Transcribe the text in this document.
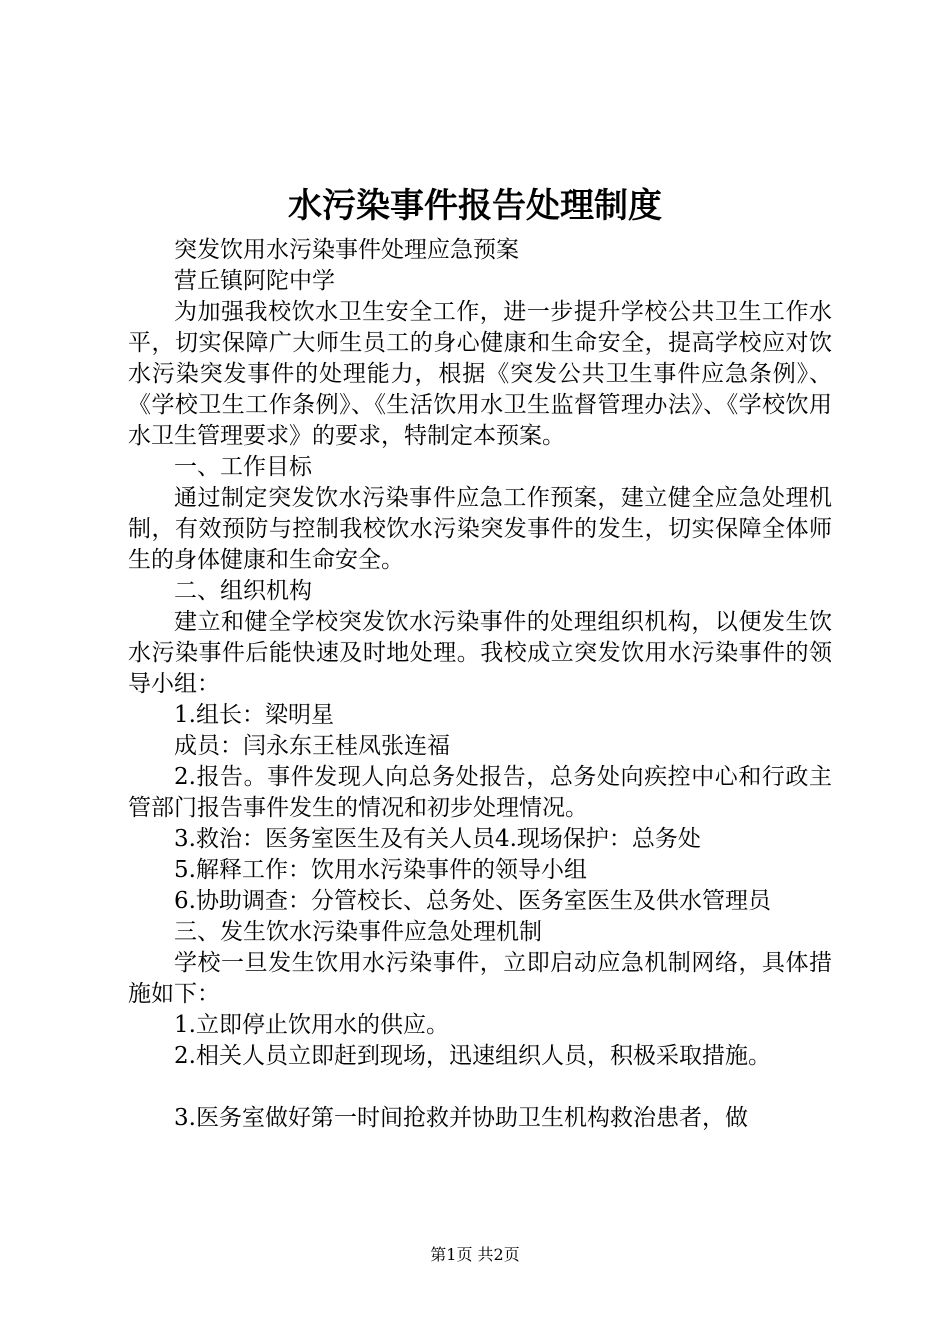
水污染事件报告处理制度

突发饮用水污染事件处理应急预案

营丘镇阿陀中学

为加强我校饮水卫生安全工作，进一步提升学校公共卫生工作水平，切实保障广大师生员工的身心健康和生命安全，提高学校应对饮水污染突发事件的处理能力，根据《突发公共卫生事件应急条例》、《学校卫生工作条例》、《生活饮用水卫生监督管理办法》、《学校饮用水卫生管理要求》的要求，特制定本预案。

一、工作目标

通过制定突发饮水污染事件应急工作预案，建立健全应急处理机制，有效预防与控制我校饮水污染突发事件的发生，切实保障全体师生的身体健康和生命安全。

二、组织机构

建立和健全学校突发饮水污染事件的处理组织机构，以便发生饮水污染事件后能快速及时地处理。我校成立突发饮用水污染事件的领导小组：

1.组长：梁明星

成员：闫永东王桂凤张连福

2.报告。事件发现人向总务处报告，总务处向疾控中心和行政主管部门报告事件发生的情况和初步处理情况。

3.救治：医务室医生及有关人员4.现场保护：总务处

5.解释工作：饮用水污染事件的领导小组

6.协助调查：分管校长、总务处、医务室医生及供水管理员

三、发生饮水污染事件应急处理机制

学校一旦发生饮用水污染事件，立即启动应急机制网络，具体措施如下：

1.立即停止饮用水的供应。

2.相关人员立即赶到现场，迅速组织人员，积极采取措施。

3.医务室做好第一时间抢救并协助卫生机构救治患者，做

第1页 共2页
